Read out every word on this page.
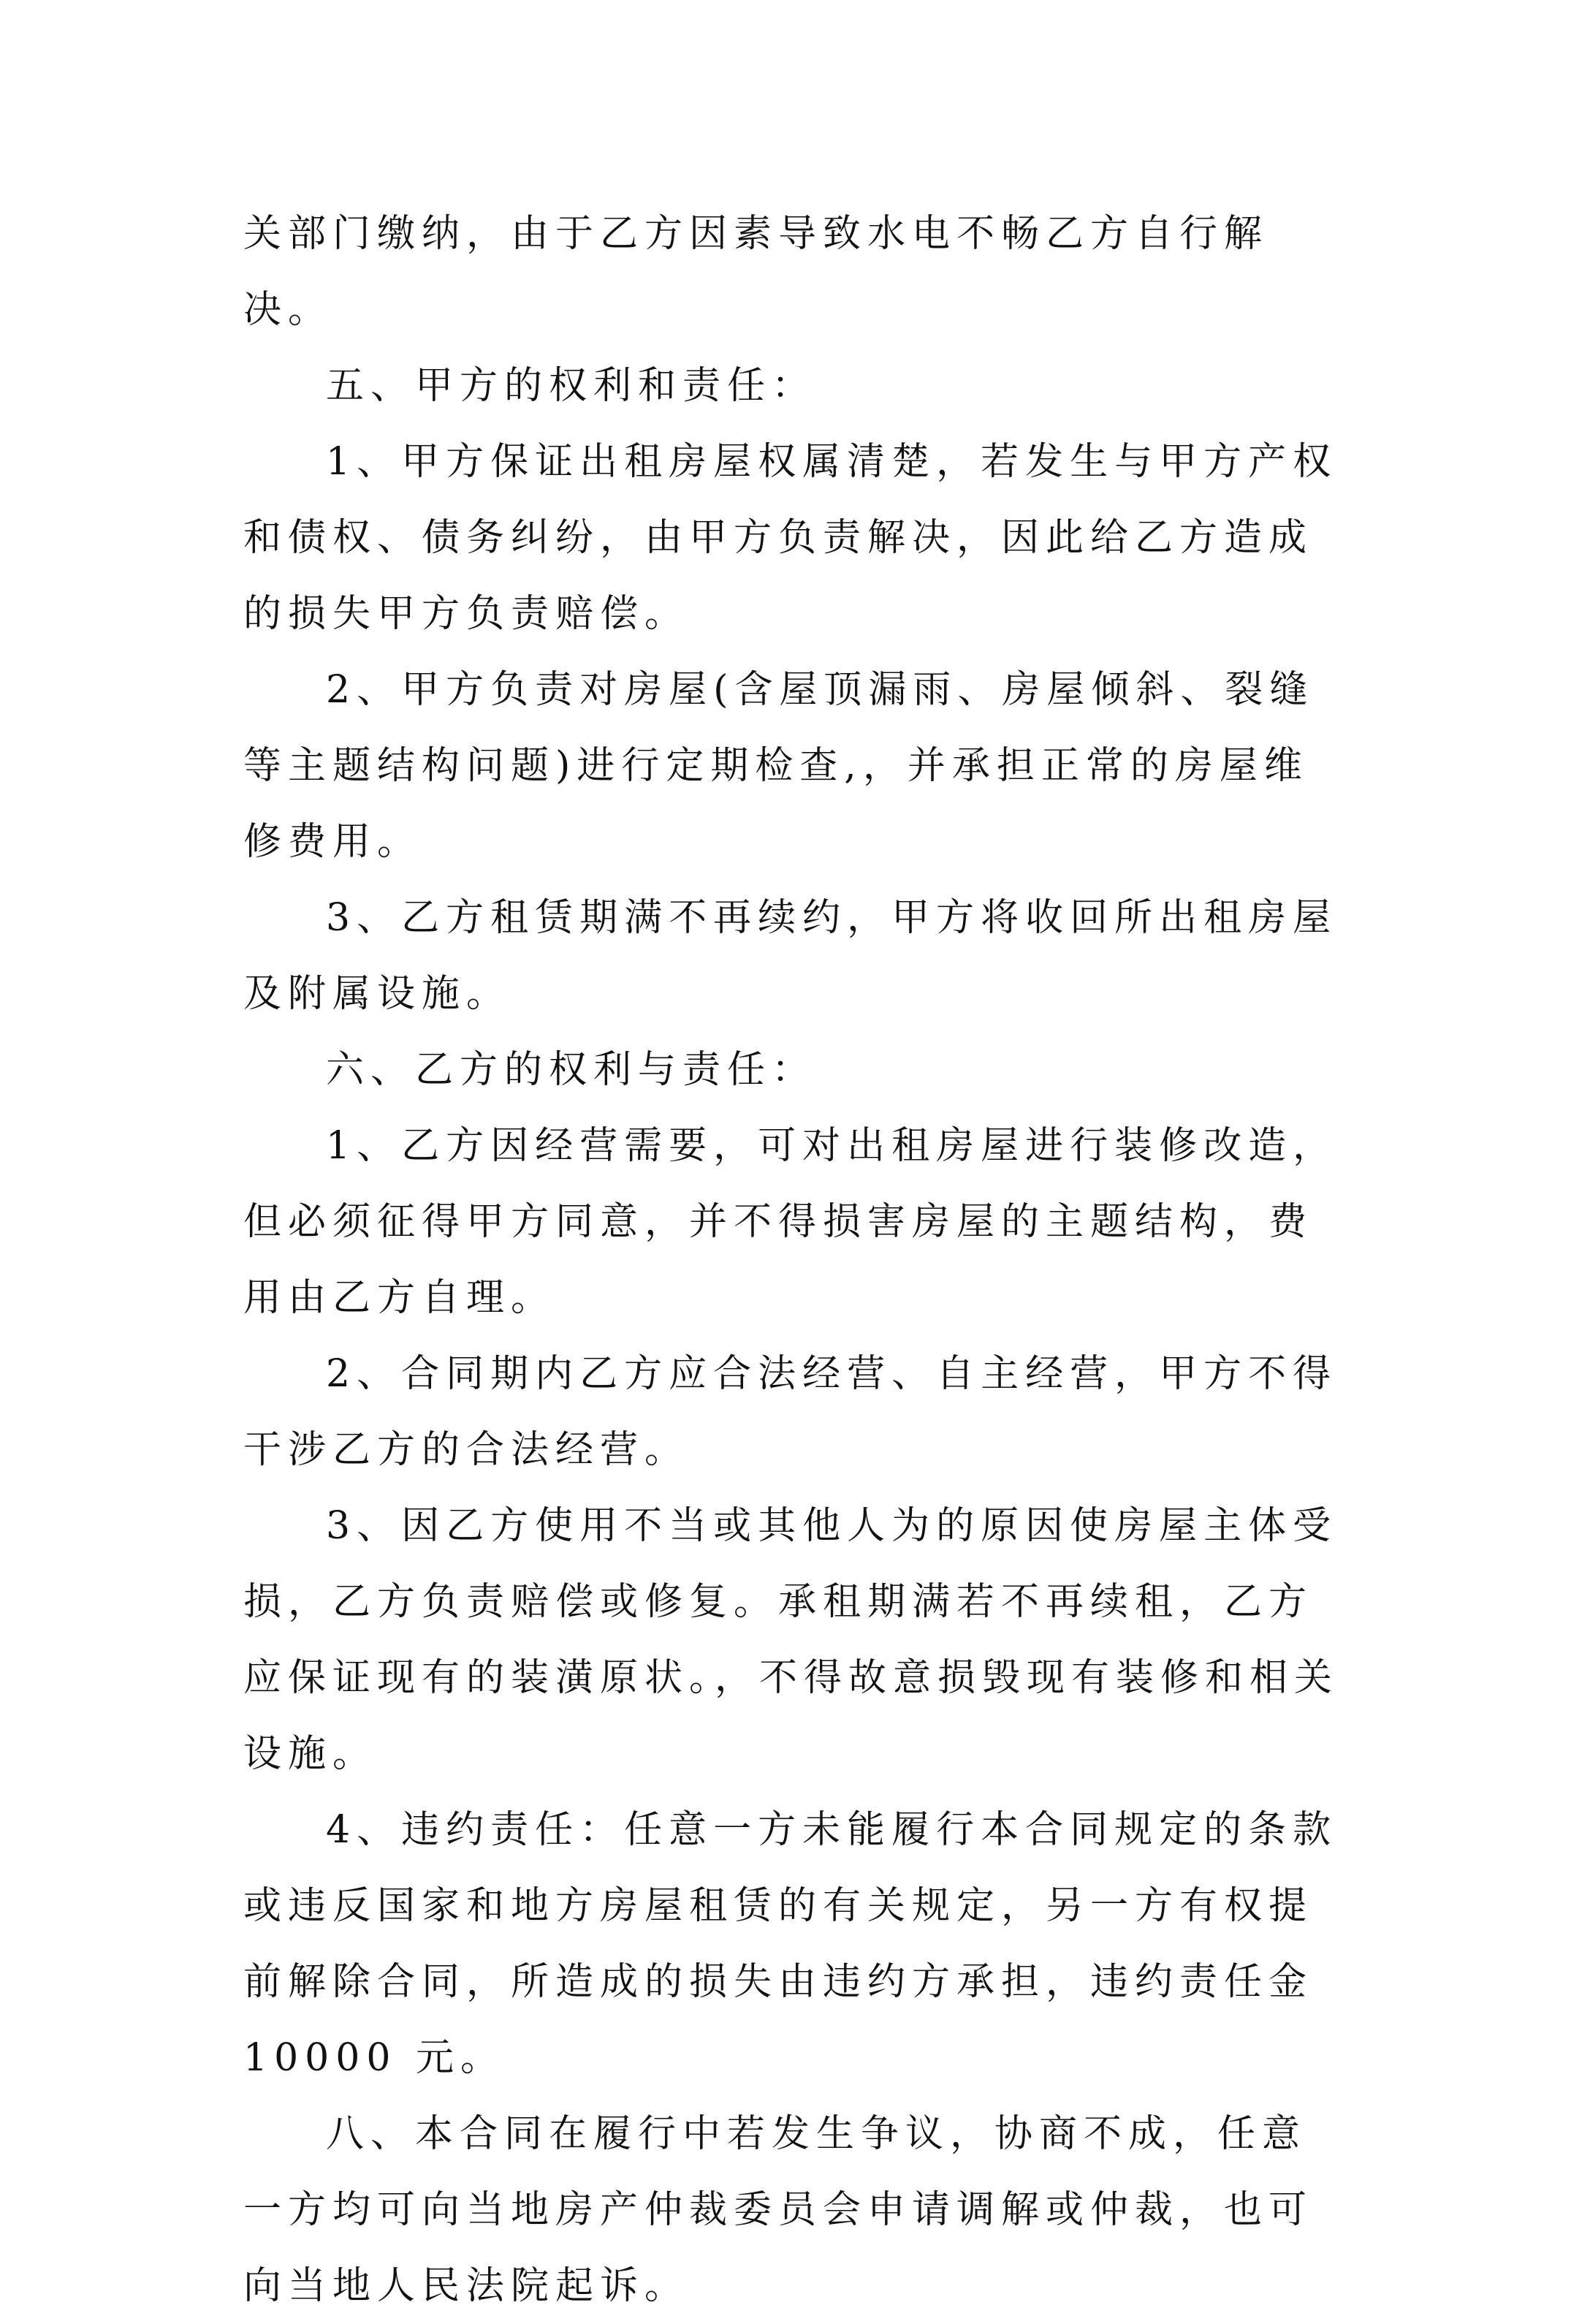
关部门缴纳，由于乙方因素导致水电不畅乙方自行解决。

五、甲方的权利和责任：

1、甲方保证出租房屋权属清楚，若发生与甲方产权和债权、债务纠纷，由甲方负责解决，因此给乙方造成的损失甲方负责赔偿。

2、甲方负责对房屋(含屋顶漏雨、房屋倾斜、裂缝等主题结构问题)进行定期检查,，并承担正常的房屋维修费用。

3、乙方租赁期满不再续约，甲方将收回所出租房屋及附属设施。

六、乙方的权利与责任：

1、乙方因经营需要，可对出租房屋进行装修改造，但必须征得甲方同意，并不得损害房屋的主题结构，费用由乙方自理。

2、合同期内乙方应合法经营、自主经营，甲方不得干涉乙方的合法经营。

3、因乙方使用不当或其他人为的原因使房屋主体受损，乙方负责赔偿或修复。承租期满若不再续租，乙方应保证现有的装潢原状。，不得故意损毁现有装修和相关设施。

4、违约责任：任意一方未能履行本合同规定的条款或违反国家和地方房屋租赁的有关规定，另一方有权提前解除合同，所造成的损失由违约方承担，违约责任金 10000 元。

八、本合同在履行中若发生争议，协商不成，任意一方均可向当地房产仲裁委员会申请调解或仲裁，也可向当地人民法院起诉。
